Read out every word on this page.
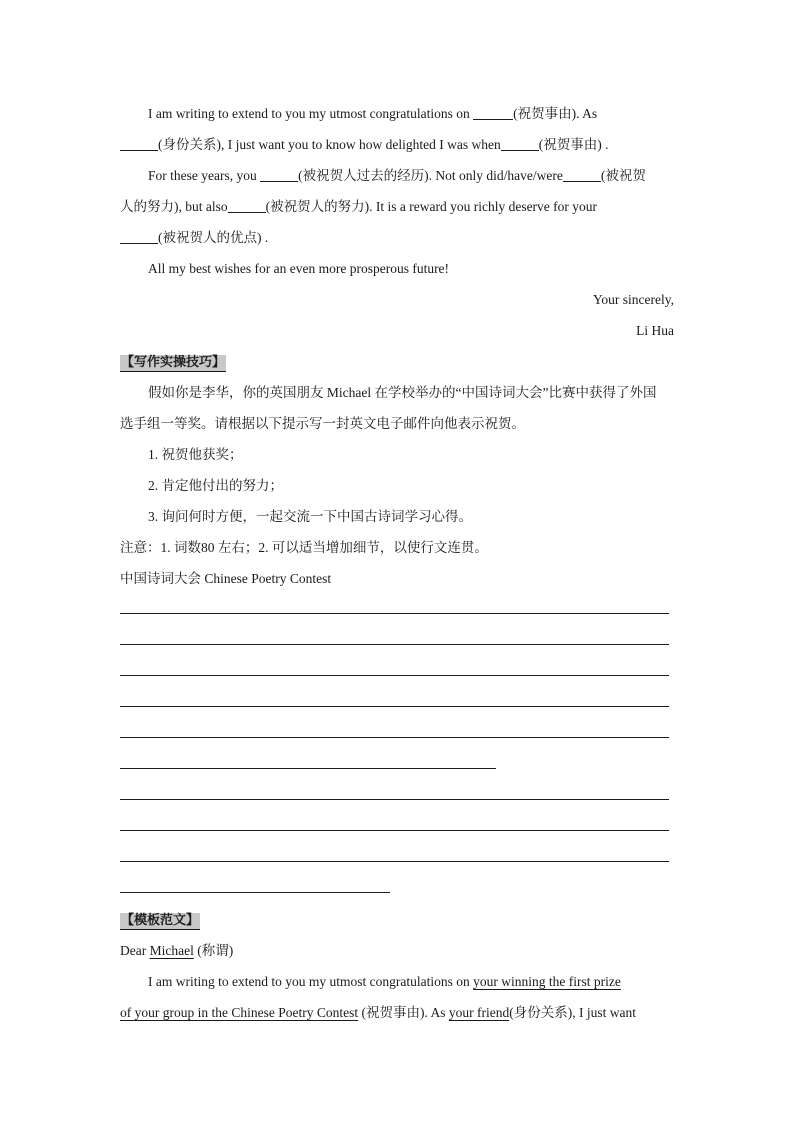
I am writing to extend to you my utmost congratulations on	(祝贺事由). As
(身份关系), I just want you to know how delighted I was when	(祝贺事由) .
For these years, you	(被祝贺人过去的经历). Not only did/have/were	(被祝贺
人的努力), but also	(被祝贺人的努力). It is a reward you richly deserve for your
(被祝贺人的优点) .
All my best wishes for an even more prosperous future!
Your sincerely,
Li Hua
【写作实操技巧】
假如你是李华，你的英国朋友 Michael 在学校举办的“中国诗词大会”比赛中获得了外国
选手组一等奖。请根据以下提示写一封英文电子邮件向他表示祝贺。
1. 祝贺他获奖；
2. 肯定他付出的努力；
3. 询问何时方便，一起交流一下中国古诗词学习心得。
注意：1. 词数80 左右；2. 可以适当增加细节，以使行文连贯。
中国诗词大会 Chinese Poetry Contest
【模板范文】
Dear Michael (称谓)
I am writing to extend to you my utmost congratulations on your winning the first prize
of your group in the Chinese Poetry Contest (祝贺事由). As your friend(身份关系), I just want
